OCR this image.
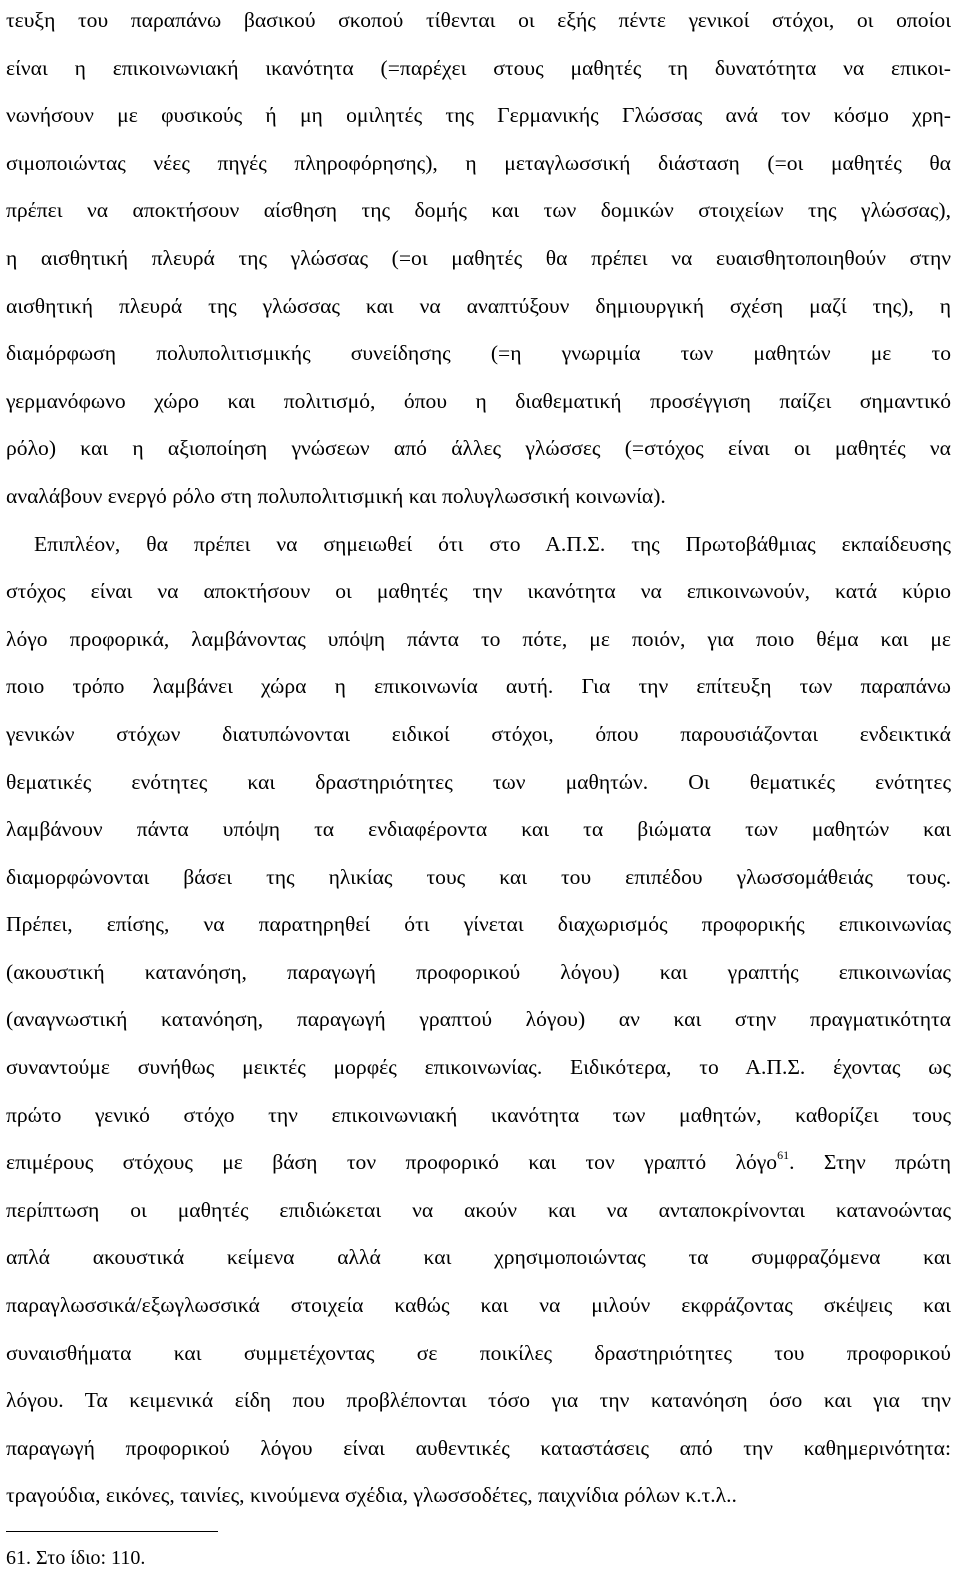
τευξη του παραπάνω βασικού σκοπού τίθενται οι εξής πέντε γενικοί στόχοι, οι οποίοι
είναι η επικοινωνιακή ικανότητα (=παρέχει στους μαθητές τη δυνατότητα να επικοι-
νωνήσουν με φυσικούς ή μη ομιλητές της Γερμανικής Γλώσσας ανά τον κόσμο χρη-
σιμοποιώντας νέες πηγές πληροφόρησης), η μεταγλωσσική διάσταση (=οι μαθητές θα
πρέπει να αποκτήσουν αίσθηση της δομής και των δομικών στοιχείων της γλώσσας),
η αισθητική πλευρά της γλώσσας (=οι μαθητές θα πρέπει να ευαισθητοποιηθούν στην
αισθητική πλευρά της γλώσσας και να αναπτύξουν δημιουργική σχέση μαζί της), η
διαμόρφωση πολυπολιτισμικής συνείδησης (=η γνωριμία των μαθητών με το
γερμανόφωνο χώρο και πολιτισμό, όπου η διαθεματική προσέγγιση παίζει σημαντικό
ρόλο) και η αξιοποίηση γνώσεων από άλλες γλώσσες (=στόχος είναι οι μαθητές να
αναλάβουν ενεργό ρόλο στη πολυπολιτισμική και πολυγλωσσική κοινωνία).
Επιπλέον, θα πρέπει να σημειωθεί ότι στο Α.Π.Σ. της Πρωτοβάθμιας εκπαίδευσης
στόχος είναι να αποκτήσουν οι μαθητές την ικανότητα να επικοινωνούν, κατά κύριο
λόγο προφορικά, λαμβάνοντας υπόψη πάντα το πότε, με ποιόν, για ποιο θέμα και με
ποιο τρόπο λαμβάνει χώρα η επικοινωνία αυτή. Για την επίτευξη των παραπάνω
γενικών στόχων διατυπώνονται ειδικοί στόχοι, όπου παρουσιάζονται ενδεικτικά
θεματικές ενότητες και δραστηριότητες των μαθητών. Οι θεματικές ενότητες
λαμβάνουν πάντα υπόψη τα ενδιαφέροντα και τα βιώματα των μαθητών και
διαμορφώνονται βάσει της ηλικίας τους και του επιπέδου γλωσσομάθειάς τους.
Πρέπει, επίσης, να παρατηρηθεί ότι γίνεται διαχωρισμός προφορικής επικοινωνίας
(ακουστική κατανόηση, παραγωγή προφορικού λόγου) και γραπτής επικοινωνίας
(αναγνωστική κατανόηση, παραγωγή γραπτού λόγου) αν και στην πραγματικότητα
συναντούμε συνήθως μεικτές μορφές επικοινωνίας. Ειδικότερα, το Α.Π.Σ. έχοντας ως
πρώτο γενικό στόχο την επικοινωνιακή ικανότητα των μαθητών, καθορίζει τους
επιμέρους στόχους με βάση τον προφορικό και τον γραπτό λόγο$^{61}$. Στην πρώτη
περίπτωση οι μαθητές επιδιώκεται να ακούν και να ανταποκρίνονται κατανοώντας
απλά ακουστικά κείμενα αλλά και χρησιμοποιώντας τα συμφραζόμενα και
παραγλωσσικά/εξωγλωσσικά στοιχεία καθώς και να μιλούν εκφράζοντας σκέψεις και
συναισθήματα και συμμετέχοντας σε ποικίλες δραστηριότητες του προφορικού
λόγου. Τα κειμενικά είδη που προβλέπονται τόσο για την κατανόηση όσο και για την
παραγωγή προφορικού λόγου είναι αυθεντικές καταστάσεις από την καθημερινότητα:
τραγούδια, εικόνες, ταινίες, κινούμενα σχέδια, γλωσσοδέτες, παιχνίδια ρόλων κ.τ.λ..
61. Στο ίδιο: 110.
